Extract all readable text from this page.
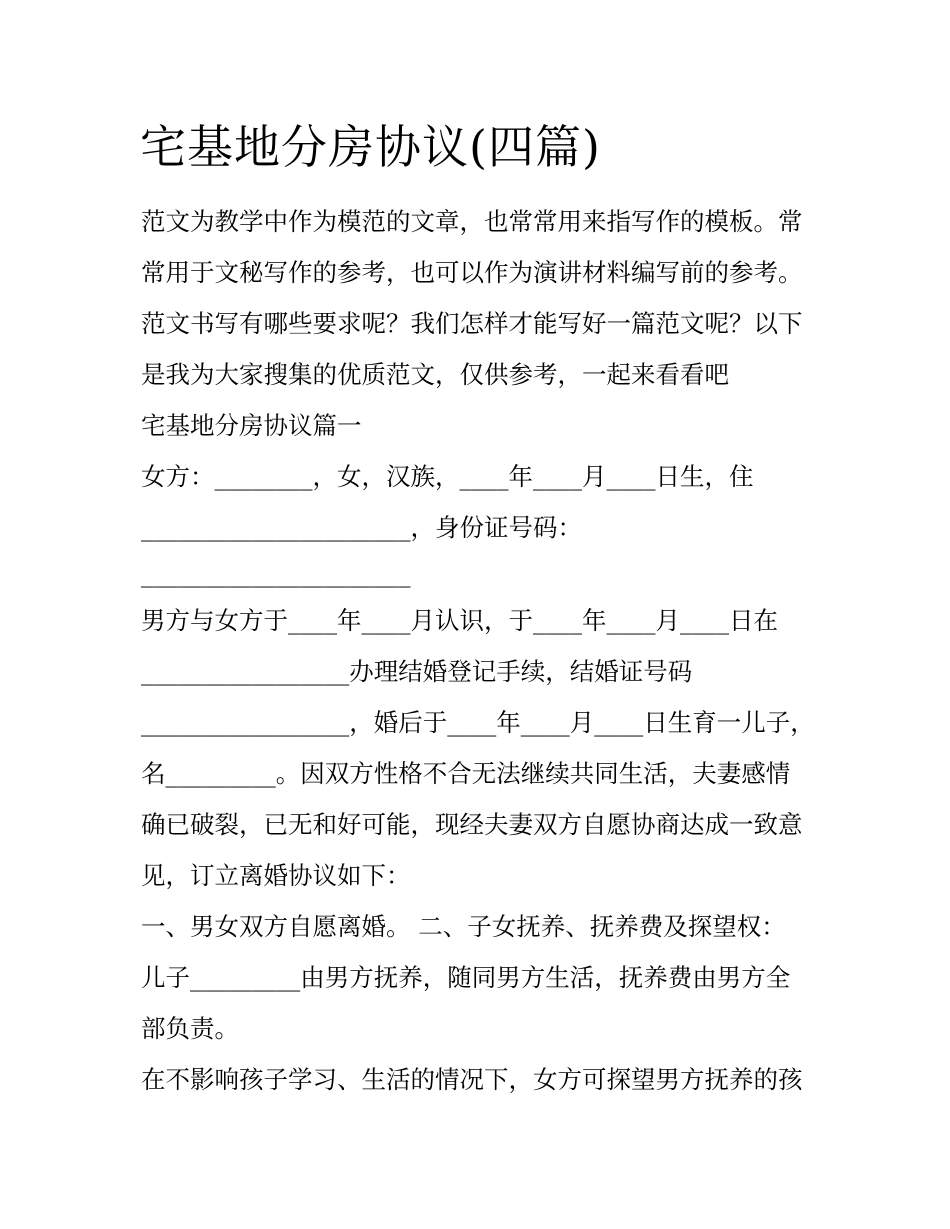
宅基地分房协议(四篇)

范文为教学中作为模范的文章，也常常用来指写作的模板。常

常用于文秘写作的参考，也可以作为演讲材料编写前的参考。

范文书写有哪些要求呢？我们怎样才能写好一篇范文呢？以下

是我为大家搜集的优质范文，仅供参考，一起来看看吧

宅基地分房协议篇一

女方：________，女，汉族，____年____月____日生，住

______________________，身份证号码：

______________________

男方与女方于____年____月认识，于____年____月____日在

_________________办理结婚登记手续，结婚证号码

_________________，婚后于____年____月____日生育一儿子，

名_________。因双方性格不合无法继续共同生活，夫妻感情

确已破裂，已无和好可能，现经夫妻双方自愿协商达成一致意

见，订立离婚协议如下：

一、男女双方自愿离婚。 二、子女抚养、抚养费及探望权：

儿子_________由男方抚养，随同男方生活，抚养费由男方全

部负责。

在不影响孩子学习、生活的情况下，女方可探望男方抚养的孩
